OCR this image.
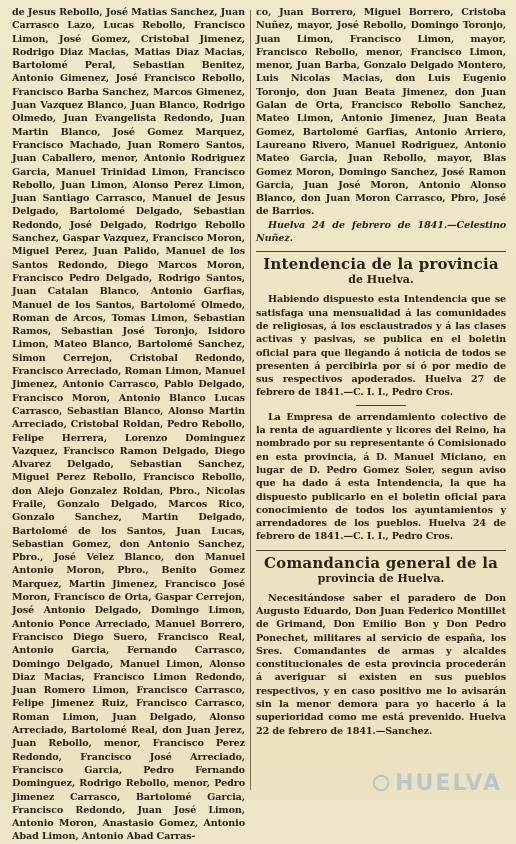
de Jesus Rebollo, José Matias Sanchez, Juan Carrasco Lazo, Lucas Rebollo, Francisco Limon, José Gomez, Cristobal Jimenez, Rodrigo Diaz Macias, Matias Diaz Macias, Bartolomé Peral, Sebastian Benitez, Antonio Gimenez, José Francisco Rebollo, Francisco Barba Sanchez, Marcos Gimenez, Juan Vazquez Blanco, Juan Blanco, Rodrigo Olmedo, Juan Evangelista Redondo, Juan Martin Blanco, José Gomez Marquez, Francisco Machado, Juan Romero Santos, Juan Caballero, menor, Antonio Rodriguez Garcia, Manuel Trinidad Limon, Francisco Rebollo, Juan Limon, Alonso Perez Limon, Juan Santiago Carrasco, Manuel de Jesus Delgado, Bartolomé Delgado, Sebastian Redondo, José Delgado, Rodrigo Rebollo Sanchez, Gaspar Vazquez, Francisco Moron, Miguel Perez, Juan Palido, Manuel de los Santos Redondo, Diego Marcos Moron, Francisco Pedro Delgado, Rodrigo Santos, Juan Catalan Blanco, Antonio Garfias, Manuel de los Santos, Bartolomé Olmedo, Roman de Arcos, Tomas Limon, Sebastian Ramos, Sebastian José Toronjo, Isidoro Limon, Mateo Blanco, Bartolomé Sanchez, Simon Cerrejon, Cristobal Redondo, Francisco Arreciado, Roman Limon, Manuel Jimenez, Antonio Carrasco, Pablo Delgado, Francisco Moron, Antonio Blanco Lucas Carrasco, Sebastian Blanco, Alonso Martin Arreciado, Cristobal Roldan, Pedro Rebollo, Felipe Herrera, Lorenzo Dominguez Vazquez, Francisco Ramon Delgado, Diego Alvarez Delgado, Sebastian Sanchez, Miguel Perez Rebollo, Francisco Rebollo, don Alejo Gonzalez Roldan, Pbro., Nicolas Fraile, Gonzalo Delgado, Marcos Rico, Gonzalo Sanchez, Martin Delgado, Bartolomé de los Santos, Juan Lucas, Sebastian Gomez, don Antonio Sanchez, Pbro., José Velez Blanco, don Manuel Antonio Moron, Pbro., Benito Gomez Marquez, Martin Jimenez, Francisco José Moron, Francisco de Orta, Gaspar Cerrejon, José Antonio Delgado, Domingo Limon, Antonio Ponce Arreciado, Manuel Borrero, Francisco Diego Suero, Francisco Real, Antonio Garcia, Fernando Carrasco, Domingo Delgado, Manuel Limon, Alonso Diaz Macias, Francisco Limon Redondo, Juan Romero Limon, Francisco Carrasco, Felipe Jimenez Ruiz, Francisco Carrasco, Roman Limon, Juan Delgado, Alonso Arreciado, Bartolomé Real, don Juan Jerez, Juan Rebollo, menor, Francisco Perez Redondo, Francisco José Arreciado, Francisco Garcia, Pedro Fernando Dominguez, Rodrigo Rebollo, menor, Pedro Jimenez Carrasco, Bartolomé Garcia, Francisco Redondo, Juan José Limon, Antonio Moron, Anastasio Gomez, Antonio Abad Limon, Antonio Abad Carras-

co, Juan Borrero, Miguel Borrero, Cristoba Nuñez, mayor, José Rebollo, Domingo Toronjo, Juan Limon, Francisco Limon, mayor, Francisco Rebollo, menor, Francisco Limon, menor, Juan Barba, Gonzalo Delgado Montero, Luis Nicolas Macias, don Luis Eugenio Toronjo, don Juan Beata Jimenez, don Juan Galan de Orta, Francisco Rebollo Sanchez, Mateo Limon, Antonio Jimenez, Juan Beata Gomez, Bartolomé Garfias, Antonio Arriero, Laureano Rivero, Manuel Rodriguez, Antonio Mateo Garcia, Juan Rebollo, mayor, Blas Gomez Moron, Domingo Sanchez, José Ramon Garcia, Juan José Moron, Antonio Alonso Blanco, don Juan Moron Carrasco, Pbro, José de Barrios.

Huelva 24 de febrero de 1841.—Celestino Nuñez.

Intendencia de la provincia
de Huelva.

Habiendo dispuesto esta Intendencia que se satisfaga una mensualidad á las comunidades de religiosas, á los esclaustrados y á las clases activas y pasivas, se publica en el boletin oficial para que llegando á noticia de todos se presenten á percibirla por sí ó por medio de sus respectivos apoderados. Huelva 27 de febrero de 1841.—C. I. I., Pedro Cros.

La Empresa de arrendamiento colectivo de la renta de aguardiente y licores del Reino, ha nombrado por su representante ó Comisionado en esta provincia, á D. Manuel Miciano, en lugar de D. Pedro Gomez Soler, segun aviso que ha dado á esta Intendencia, la que ha dispuesto publicarlo en el boletin oficial para conocimiento de todos los ayuntamientos y arrendadores de los pueblos. Huelva 24 de febrero de 1841.—C. I. I., Pedro Cros.

Comandancia general de la
provincia de Huelva.

Necesitándose saber el paradero de Don Augusto Eduardo, Don Juan Federico Montillet de Grimand, Don Emilio Bon y Don Pedro Ponechet, militares al servicio de españa, los Sres. Comandantes de armas y alcaldes constitucionales de esta provincia procederán á averiguar si existen en sus pueblos respectivos, y en caso positivo me lo avisarán sin la menor demora para yo hacerlo á la superioridad como me está prevenido. Huelva 22 de febrero de 1841.—Sanchez.

HUELVA
